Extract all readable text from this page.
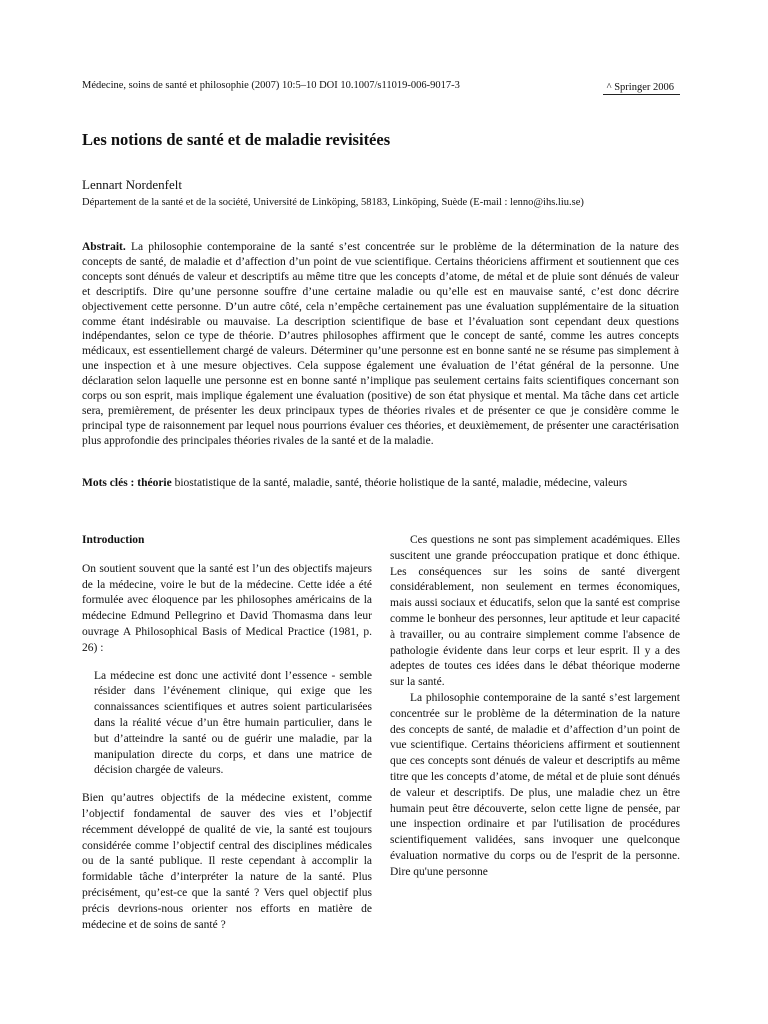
Médecine, soins de santé et philosophie (2007) 10:5–10 DOI 10.1007/s11019-006-9017-3	^ Springer 2006
Les notions de santé et de maladie revisitées
Lennart Nordenfelt
Département de la santé et de la société, Université de Linköping, 58183, Linköping, Suède (E-mail : lenno@ihs.liu.se)

Abstrait. La philosophie contemporaine de la santé s’est concentrée sur le problème de la détermination de la nature des concepts de santé, de maladie et d’affection d’un point de vue scientifique. Certains théoriciens affirment et soutiennent que ces concepts sont dénués de valeur et descriptifs au même titre que les concepts d’atome, de métal et de pluie sont dénués de valeur et descriptifs. Dire qu’une personne souffre d’une certaine maladie ou qu’elle est en mauvaise santé, c’est donc décrire objectivement cette personne. D’un autre côté, cela n’empêche certainement pas une évaluation supplémentaire de la situation comme étant indésirable ou mauvaise. La description scientifique de base et l’évaluation sont cependant deux questions indépendantes, selon ce type de théorie. D’autres philosophes affirment que le concept de santé, comme les autres concepts médicaux, est essentiellement chargé de valeurs. Déterminer qu’une personne est en bonne santé ne se résume pas simplement à une inspection et à une mesure objectives. Cela suppose également une évaluation de l’état général de la personne. Une déclaration selon laquelle une personne est en bonne santé n’implique pas seulement certains faits scientifiques concernant son corps ou son esprit, mais implique également une évaluation (positive) de son état physique et mental. Ma tâche dans cet article sera, premièrement, de présenter les deux principaux types de théories rivales et de présenter ce que je considère comme le principal type de raisonnement par lequel nous pourrions évaluer ces théories, et deuxièmement, de présenter une caractérisation plus approfondie des principales théories rivales de la santé et de la maladie.

Mots clés : théorie biostatistique de la santé, maladie, santé, théorie holistique de la santé, maladie, médecine, valeurs
Introduction

On soutient souvent que la santé est l’un des objectifs majeurs de la médecine, voire le but de la médecine. Cette idée a été formulée avec éloquence par les philosophes américains de la médecine Edmund Pellegrino et David Thomasma dans leur ouvrage A Philosophical Basis of Medical Practice (1981, p. 26) :

La médecine est donc une activité dont l’essence - semble résider dans l’événement clinique, qui exige que les connaissances scientifiques et autres soient particularisées dans la réalité vécue d’un être humain particulier, dans le but d’atteindre la santé ou de guérir une maladie, par la manipulation directe du corps, et dans une matrice de décision chargée de valeurs.

Bien qu’autres objectifs de la médecine existent, comme l’objectif fondamental de sauver des vies et l’objectif récemment développé de qualité de vie, la santé est toujours considérée comme l’objectif central des disciplines médicales ou de la santé publique. Il reste cependant à accomplir la formidable tâche d’interpréter la nature de la santé. Plus précisément, qu’est-ce que la santé ? Vers quel objectif plus précis devrions-nous orienter nos efforts en matière de médecine et de soins de santé ?

Ces questions ne sont pas simplement académiques. Elles suscitent une grande préoccupation pratique et donc éthique. Les conséquences sur les soins de santé divergent considérablement, non seulement en termes économiques, mais aussi sociaux et éducatifs, selon que la santé est comprise comme le bonheur des personnes, leur aptitude et leur capacité à travailler, ou au contraire simplement comme l'absence de pathologie évidente dans leur corps et leur esprit. Il y a des adeptes de toutes ces idées dans le débat théorique moderne sur la santé.

La philosophie contemporaine de la santé s’est largement concentrée sur le problème de la détermination de la nature des concepts de santé, de maladie et d’affection d’un point de vue scientifique. Certains théoriciens affirment et soutiennent que ces concepts sont dénués de valeur et descriptifs au même titre que les concepts d’atome, de métal et de pluie sont dénués de valeur et descriptifs. De plus, une maladie chez un être humain peut être découverte, selon cette ligne de pensée, par une inspection ordinaire et par l'utilisation de procédures scientifiquement validées, sans invoquer une quelconque évaluation normative du corps ou de l'esprit de la personne. Dire qu'une personne
